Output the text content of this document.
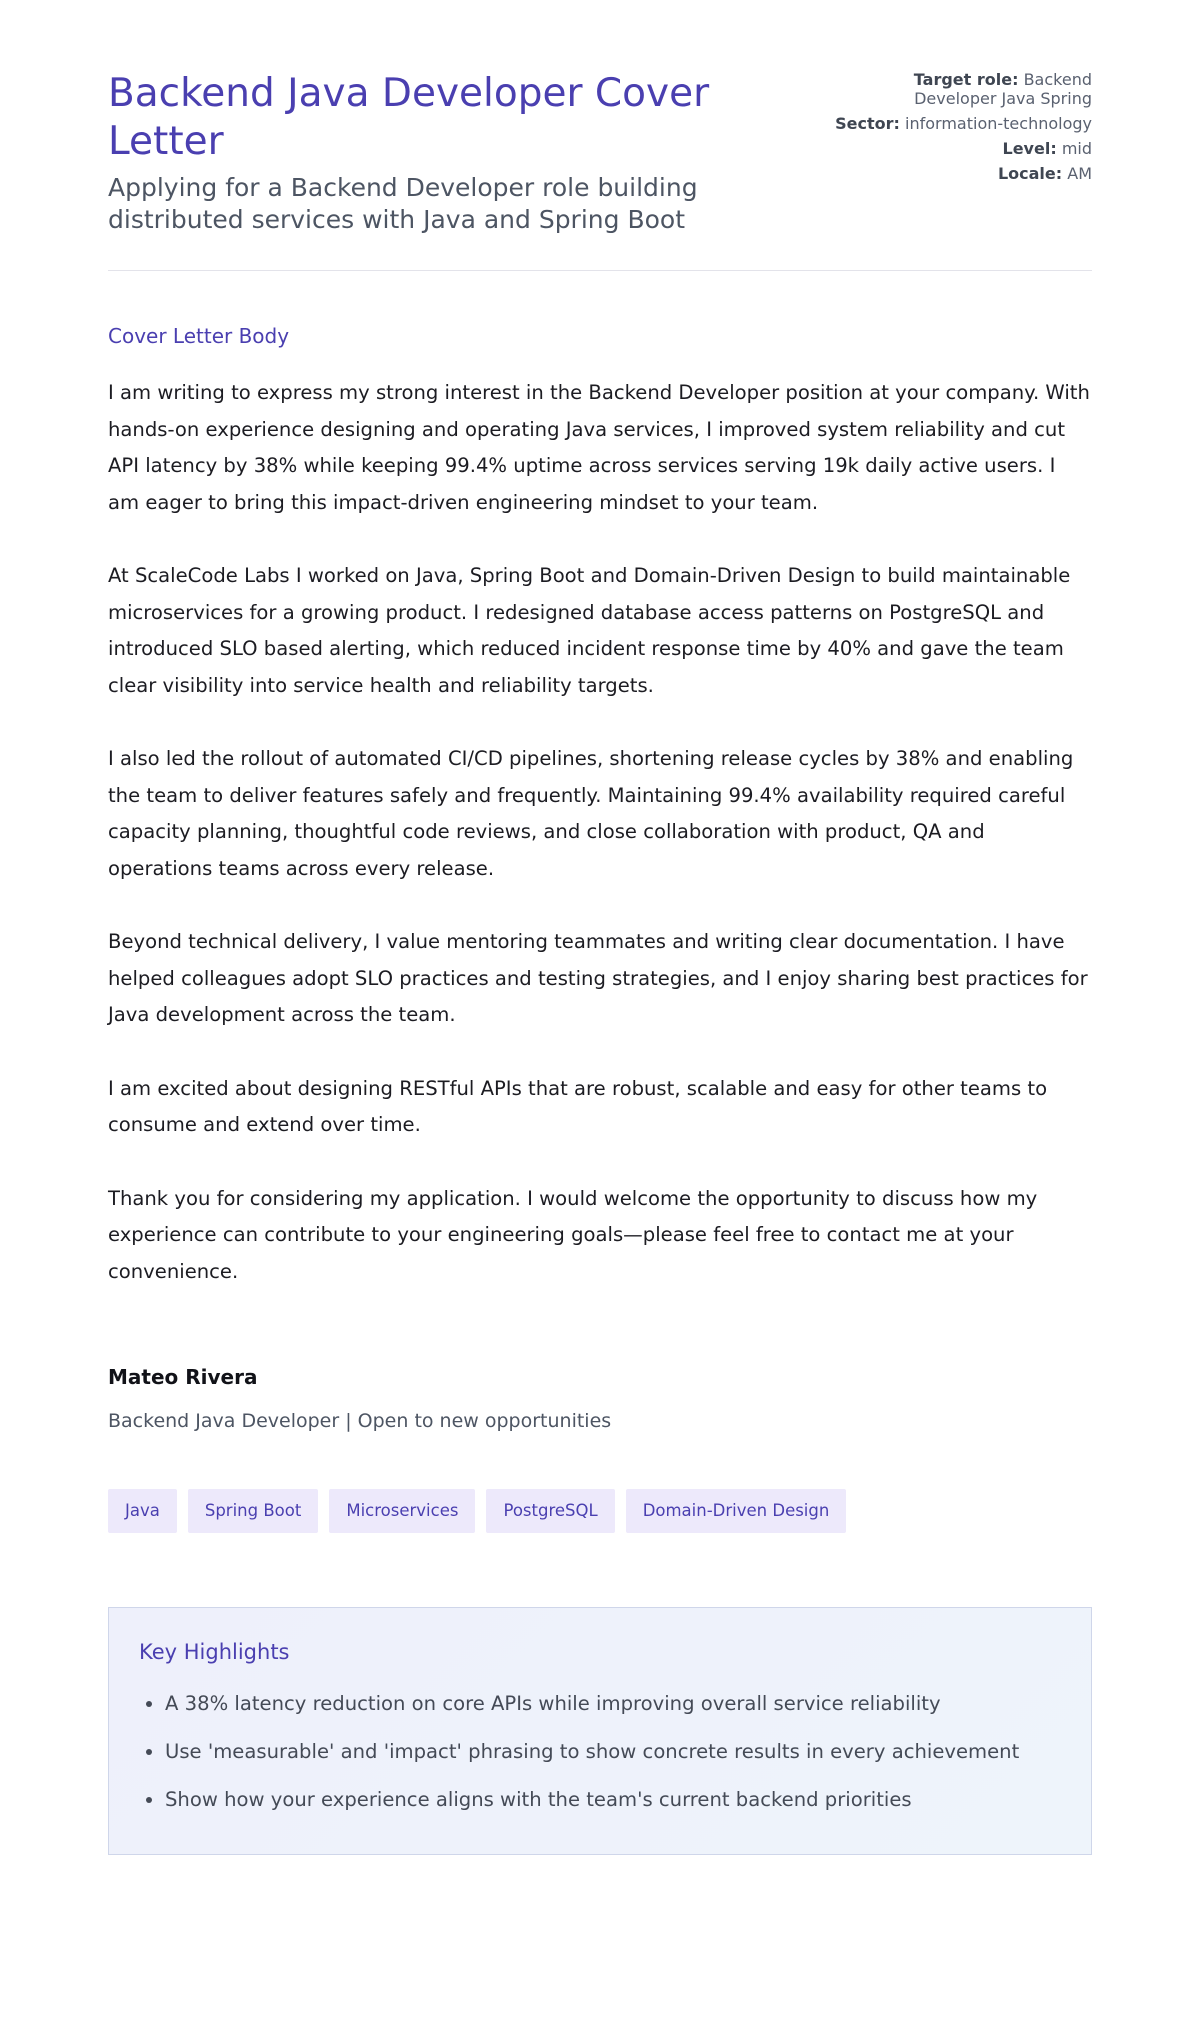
Backend Java Developer Cover Letter
Applying for a Backend Developer role building distributed services with Java and Spring Boot
Target role: Backend Developer Java Spring
Sector: information-technology
Level: mid
Locale: AM
Cover Letter Body

I am writing to express my strong interest in the Backend Developer position at your company. With hands-on experience designing and operating Java services, I improved system reliability and cut API latency by 38% while keeping 99.4% uptime across services serving 19k daily active users. I am eager to bring this impact-driven engineering mindset to your team.

At ScaleCode Labs I worked on Java, Spring Boot and Domain-Driven Design to build maintainable microservices for a growing product. I redesigned database access patterns on PostgreSQL and introduced SLO based alerting, which reduced incident response time by 40% and gave the team clear visibility into service health and reliability targets.

I also led the rollout of automated CI/CD pipelines, shortening release cycles by 38% and enabling the team to deliver features safely and frequently. Maintaining 99.4% availability required careful capacity planning, thoughtful code reviews, and close collaboration with product, QA and operations teams across every release.

Beyond technical delivery, I value mentoring teammates and writing clear documentation. I have helped colleagues adopt SLO practices and testing strategies, and I enjoy sharing best practices for Java development across the team.

I am excited about designing RESTful APIs that are robust, scalable and easy for other teams to consume and extend over time.

Thank you for considering my application. I would welcome the opportunity to discuss how my experience can contribute to your engineering goals—please feel free to contact me at your convenience.

Mateo Rivera
Backend Java Developer | Open to new opportunities
Java	Spring Boot	Microservices	PostgreSQL	Domain-Driven Design
Key Highlights
• A 38% latency reduction on core APIs while improving overall service reliability
• Use 'measurable' and 'impact' phrasing to show concrete results in every achievement
• Show how your experience aligns with the team's current backend priorities
